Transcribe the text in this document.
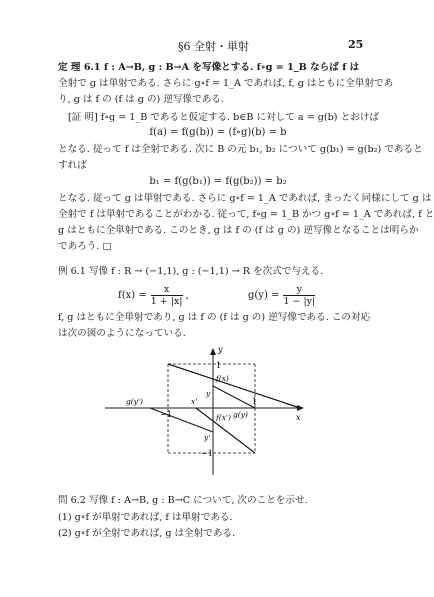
§6 全射・単射	25
定 理 6.1 f : A→B, g : B→A を写像とする. f∘g = 1_B ならば f は
全射で g は単射である. さらに g∘f = 1_A であれば, f, g はともに全単射であ
り, g は f の (f は g の) 逆写像である.
[証 明] f∘g = 1_B であると仮定する. b∈B に対して a = g(b) とおけば
f(a) = f(g(b)) = (f∘g)(b) = b
となる. 従って f は全射である. 次に B の元 b₁, b₂ について g(b₁) = g(b₂) であると
すれば
b₁ = f(g(b₁)) = f(g(b₂)) = b₂
となる. 従って g は単射である. さらに g∘f = 1_A であれば, まったく同様にして g は
全射で f は単射であることがわかる. 従って, f∘g = 1_B かつ g∘f = 1_A であれば, f と
g はともに全単射である. このとき, g は f の (f は g の) 逆写像となることは明らか
であろう. □
例 6.1 写像 f : R → (−1,1), g : (−1,1) → R を次式で与える.
$f(x) = \frac{x}{1 + |x|}$ ,	$g(y) = \frac{y}{1 - |y|}$
f, g はともに全単射であり, g は f の (f は g の) 逆写像である. この対応
は次の図のようになっている.
y
x
1
f(x)
y
x'
g(y)
1
g(y')
−1	f(x')
y'
−1
問 6.2 写像 f : A→B, g : B→C について, 次のことを示せ.
(1) g∘f が単射であれば, f は単射である.
(2) g∘f が全射であれば, g は全射である.
